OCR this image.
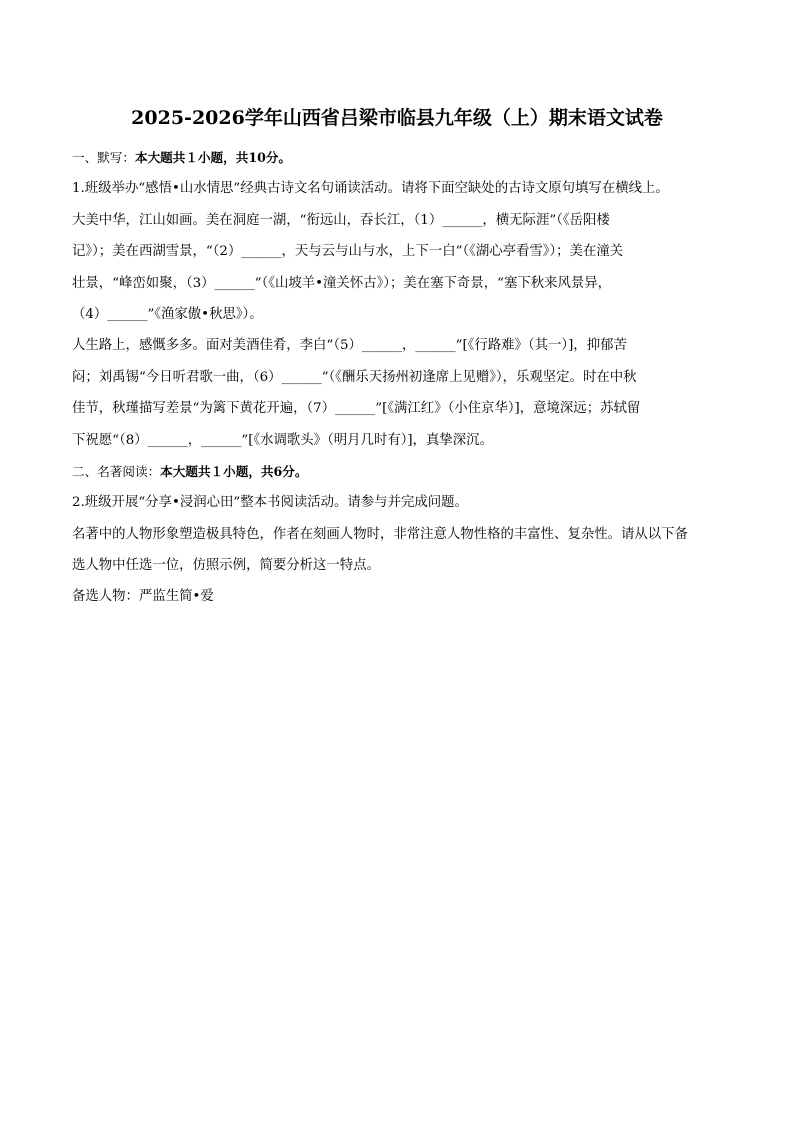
2025-2026学年山西省吕梁市临县九年级（上）期末语文试卷
一、默写：本大题共１小题，共10分。
1.班级举办“感悟•山水情思”经典古诗文名句诵读活动。请将下面空缺处的古诗文原句填写在横线上。
大美中华，江山如画。美在洞庭一湖，“衔远山，吞长江，（1）______，横无际涯”（《岳阳楼
记》）；美在西湖雪景，“（2）______，天与云与山与水，上下一白”（《湖心亭看雪》）；美在潼关
壮景，“峰峦如聚，（3）______”（《山坡羊•潼关怀古》）；美在塞下奇景，“塞下秋来风景异，
（4）______”《渔家傲•秋思》）。
人生路上，感慨多多。面对美酒佳肴，李白“（5）______，______”[《行路难》（其一）]，抑郁苦
闷；刘禹锡“今日听君歌一曲，（6）______”（《酬乐天扬州初逢席上见赠》），乐观坚定。时在中秋
佳节，秋瑾描写差景“为篱下黄花开遍，（7）______”[《满江红》（小住京华）]，意境深远；苏轼留
下祝愿“（8）______，______”[《水调歌头》（明月几时有）]，真挚深沉。
二、名著阅读：本大题共１小题，共6分。
2.班级开展“分享•浸润心田”整本书阅读活动。请参与并完成问题。
名著中的人物形象塑造极具特色，作者在刻画人物时，非常注意人物性格的丰富性、复杂性。请从以下备
选人物中任选一位，仿照示例，简要分析这一特点。
备选人物：严监生简•爱
